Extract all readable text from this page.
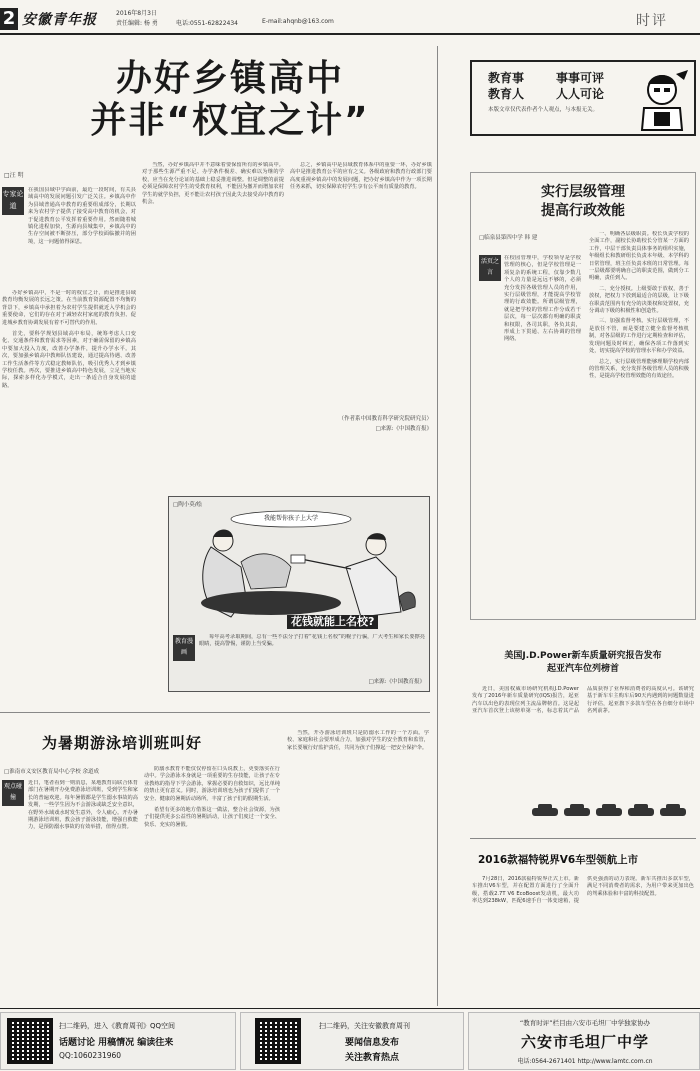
2 安徽青年报	2016年8月3日
责任编辑: 杨 勇	电话:0551-62822434	E-mail:ahqnb@163.com	时评
办好乡镇高中
并非“权宜之计”
□汪 明
专家论道
在我国县域中学面前，最近一段时间，有关县域高中的发展问题引发广泛关注。乡镇高中作为县域普通高中教育的重要组成部分，长期以来为农村学子提供了接受高中教育的机会，对于促进教育公平发挥着重要作用。然而随着城镇化进程加快，生源向县城集中，乡镇高中的生存空间被不断挤压，部分学校面临撤并的困境，这一问题值得深思。

办好乡镇高中，不是一时的权宜之计，而是推进县域教育均衡发展的长远之策。在当前教育资源配置不均衡的背景下，乡镇高中承担着为农村学生提供就近入学机会的重要使命，它们的存在对于减轻农村家庭的教育负担、促进城乡教育协调发展有着不可替代的作用。

首先，要科学规划县域高中布局，统筹考虑人口变化、交通条件和教育需求等因素，对于确需保留的乡镇高中要加大投入力度，改善办学条件，提升办学水平。其次，要加强乡镇高中教师队伍建设，通过提高待遇、改善工作生活条件等方式稳定教师队伍，吸引优秀人才到乡镇学校任教。再次，要推进乡镇高中特色发展，立足当地实际，探索多样化办学模式，走出一条适合自身发展的道路。

当然，办好乡镇高中并不意味着要保留所有的乡镇高中。对于那些生源严重不足、办学条件极差、确实难以为继的学校，应当在充分论证的基础上稳妥推进调整。但是调整的前提必须是保障农村学生的受教育权利，不能因为撤并而增加农村学生的就学负担，更不能让农村孩子因此失去接受高中教育的机会。

总之，乡镇高中是县域教育体系中的重要一环，办好乡镇高中是推进教育公平的应有之义。各级政府和教育行政部门要高度重视乡镇高中的发展问题，把办好乡镇高中作为一项长期任务来抓，切实保障农村学生享有公平而有质量的教育。

（作者系中国教育科学研究院研究员）
□来源:《中国教育报》
□陶小莫/绘
我能帮你孩子上大学
花钱就能上名校?
教育漫画
每年高考录取期间，总有一些不法分子打着“花钱上名校”的幌子行骗，广大考生和家长要擦亮眼睛，提高警惕，谨防上当受骗。
□来源:《中国教育报》
为暑期游泳培训班叫好
□淮南市义安区教育局中心学校 余道成
观点碰撞
近日，笔者看到一则消息，某地教育局联合体育部门在暑期开办免费游泳培训班，受到学生和家长的普遍欢迎。每年暑假都是学生溺水事故的高发期，一些学生因为不会游泳或缺乏安全意识，在野外水域戏水时发生意外，令人痛心。开办暑期游泳培训班，教会孩子游泳技能，增强自救能力，是预防溺水事故的有效举措，值得点赞。

防溺水教育不能仅仅停留在口头说教上，更要落实在行动中。学会游泳本身就是一项重要的生存技能，让孩子在专业教练的指导下学会游泳，掌握必要的自救知识，远比单纯的禁止更有意义。同时，游泳培训班也为孩子们提供了一个安全、健康的暑期活动场所，丰富了孩子们的假期生活。

希望有更多的地方借鉴这一做法，整合社会资源，为孩子们提供更多公益性的暑期活动，让孩子们度过一个安全、快乐、充实的暑假。

当然，开办游泳培训班只是防溺水工作的一个方面。学校、家庭和社会要形成合力，加强对学生的安全教育和监管，家长要履行好监护责任，共同为孩子们撑起一把安全保护伞。

教育事
教育人
事事可评
人人可论
本版文章仅代表作者个人观点，与本报无关。
实行层级管理
提高行政效能
□临泉县第四中学 韩 建
活页之言
在校园管理中，学校领导是学校管理的核心，但是学校管理是一项复杂的系统工程，仅靠少数几个人的力量是远远不够的，必须充分发挥各级管理人员的作用，实行层级管理，才能提高学校管理的行政效能。所谓层级管理，就是把学校的管理工作分成若干层次，每一层次都有明确的职责和权限，各司其职，各负其责，形成上下贯通、左右协调的管理网络。

一、明确各层级职责。校长负责学校的全面工作，副校长协助校长分管某一方面的工作，中层干部负责具体事务的组织实施，年级组长和教研组长负责本年级、本学科的日常管理，班主任负责本班的日常管理。每一层级都要明确自己的职责范围，做到分工明确，责任到人。

二、充分授权。上级要敢于放权，善于放权，把权力下放到最适合的层级，让下级在职责范围内有充分的决策权和处置权，充分调动下级的积极性和创造性。

三、加强监督考核。实行层级管理，不是放任不管，而是要建立健全监督考核机制，对各层级的工作进行定期检查和评估，发现问题及时纠正，确保各项工作落到实处，切实提高学校的管理水平和办学效益。

总之，实行层级管理能够理顺学校内部的管理关系，充分发挥各级管理人员的积极性，是提高学校管理效能的有效途径。

美国J.D.Power新车质量研究报告发布
起亚汽车位列榜首
近日，美国权威市场研究机构J.D.Power发布了2016年新车质量研究(IQS)报告，起亚汽车以出色的表现位列主流品牌榜首。这是起亚汽车首次登上该榜单第一名，标志着其产品品质获得了业界和消费者的高度认可。该研究基于新车车主购车后90天内遇到的问题数量进行评估，起亚旗下多款车型在各自细分市场中名列前茅。
2016款福特锐界V6车型领航上市
7月28日，2016款福特锐界正式上市。新车推出V6车型，并在配置方面进行了全面升级，搭载2.7T V6 EcoBoost发动机，最大功率达到238kW，匹配6速手自一体变速箱，提供更强劲的动力表现。新车共推出多款车型，满足不同消费者的需求，为用户带来更加出色的驾乘体验和丰富的科技配置。
扫二维码，进入《教育周刊》QQ空间
话题讨论 用稿情况 编读往来
QQ:1060231960
扫二维码，关注安徽教育周刊
要闻信息发布
关注教育热点
“教育时评”栏目由六安市毛坦厂中学独家协办
六安市毛坦厂中学
电话:0564-2671401 http://www.lamtc.com.cn
